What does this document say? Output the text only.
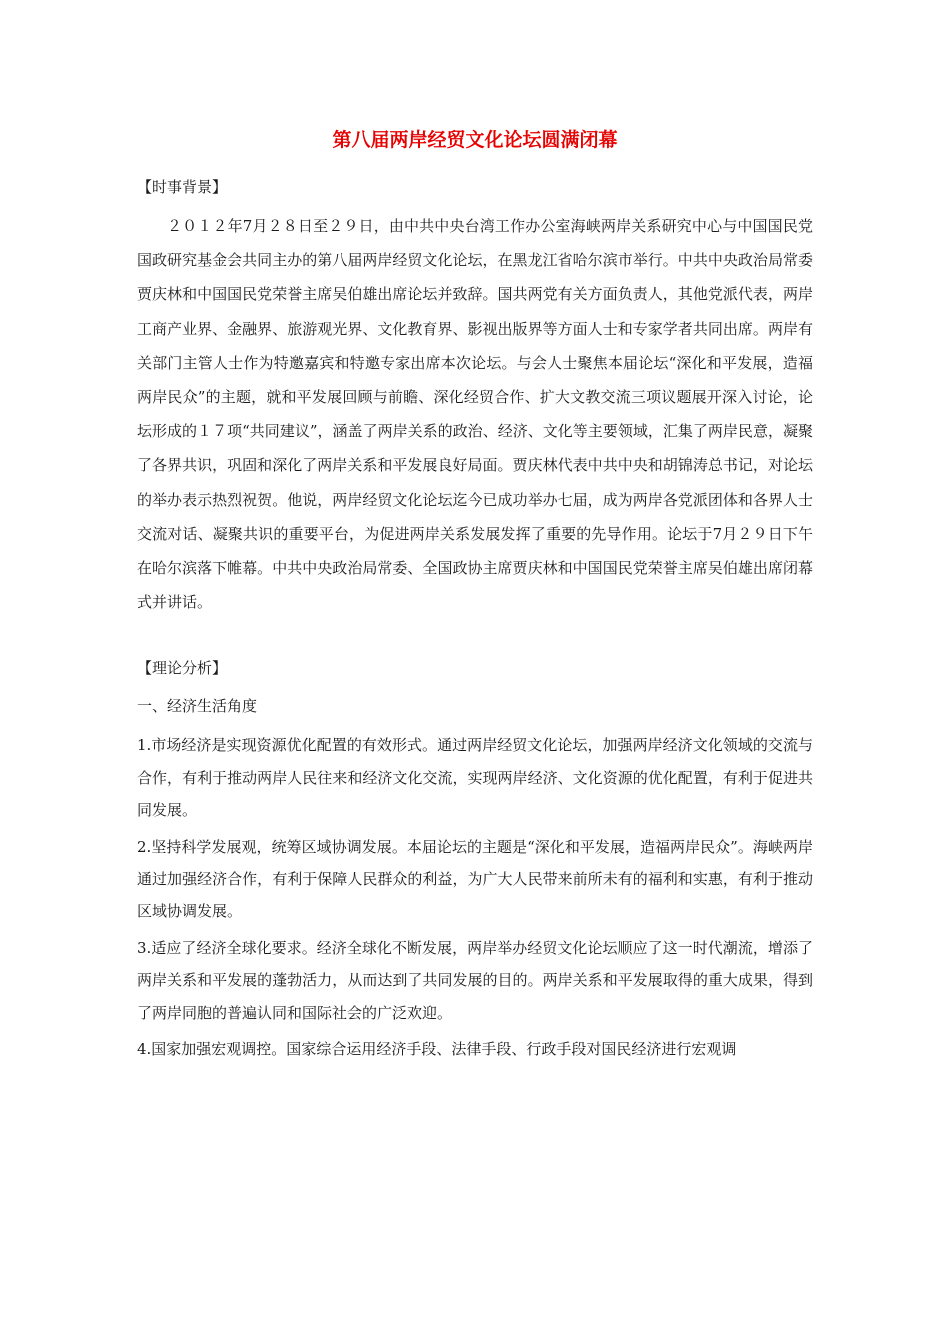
第八届两岸经贸文化论坛圆满闭幕

【时事背景】

２０１２年7月２８日至２９日，由中共中央台湾工作办公室海峡两岸关系研究中心与中国国民党国政研究基金会共同主办的第八届两岸经贸文化论坛，在黑龙江省哈尔滨市举行。中共中央政治局常委贾庆林和中国国民党荣誉主席吴伯雄出席论坛并致辞。国共两党有关方面负责人，其他党派代表，两岸工商产业界、金融界、旅游观光界、文化教育界、影视出版界等方面人士和专家学者共同出席。两岸有关部门主管人士作为特邀嘉宾和特邀专家出席本次论坛。与会人士聚焦本届论坛“深化和平发展，造福两岸民众”的主题，就和平发展回顾与前瞻、深化经贸合作、扩大文教交流三项议题展开深入讨论，论坛形成的１７项“共同建议”，涵盖了两岸关系的政治、经济、文化等主要领域，汇集了两岸民意，凝聚了各界共识，巩固和深化了两岸关系和平发展良好局面。贾庆林代表中共中央和胡锦涛总书记，对论坛的举办表示热烈祝贺。他说，两岸经贸文化论坛迄今已成功举办七届，成为两岸各党派团体和各界人士交流对话、凝聚共识的重要平台，为促进两岸关系发展发挥了重要的先导作用。论坛于7月２９日下午在哈尔滨落下帷幕。中共中央政治局常委、全国政协主席贾庆林和中国国民党荣誉主席吴伯雄出席闭幕式并讲话。

【理论分析】

一、经济生活角度

1.市场经济是实现资源优化配置的有效形式。通过两岸经贸文化论坛，加强两岸经济文化领域的交流与合作，有利于推动两岸人民往来和经济文化交流，实现两岸经济、文化资源的优化配置，有利于促进共同发展。

2.坚持科学发展观，统筹区域协调发展。本届论坛的主题是“深化和平发展，造福两岸民众”。海峡两岸通过加强经济合作，有利于保障人民群众的利益，为广大人民带来前所未有的福利和实惠，有利于推动区域协调发展。

3.适应了经济全球化要求。经济全球化不断发展，两岸举办经贸文化论坛顺应了这一时代潮流，增添了两岸关系和平发展的蓬勃活力，从而达到了共同发展的目的。两岸关系和平发展取得的重大成果，得到了两岸同胞的普遍认同和国际社会的广泛欢迎。

4.国家加强宏观调控。国家综合运用经济手段、法律手段、行政手段对国民经济进行宏观调
